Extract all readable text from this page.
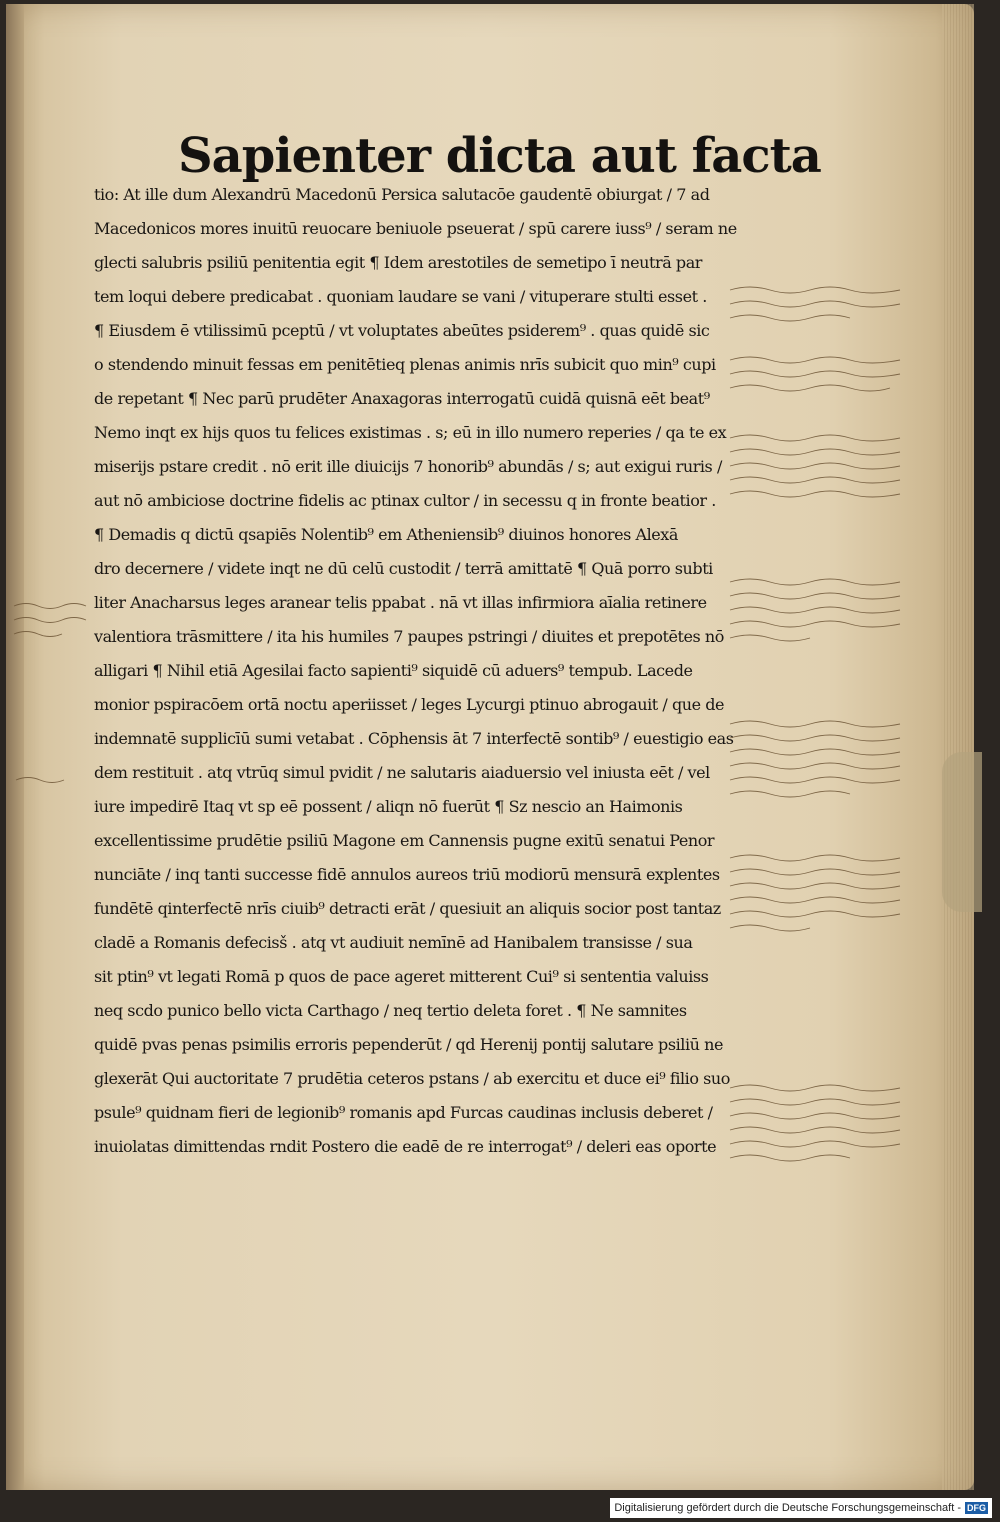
Sapienter dicta aut facta
tio: At ille dum Alexandrū Macedonū Persica salutacōe gaudentē obiurgat / 7 ad
Macedonicos mores inuitū reuocare beniuole pseuerat / spū carere iuss⁹ / seram ne
glecti salubris psiliū penitentia egit ¶ Idem arestotiles de semetipo ī neutrā par
tem loqui debere predicabat . quoniam laudare se vani / vituperare stulti esset .
¶ Eiusdem ē vtilissimū pceptū / vt voluptates abeūtes psiderem⁹ . quas quidē sic
o stendendo minuit fessas em penitētieq plenas animis nrīs subicit quo min⁹ cupi
de repetant ¶ Nec parū prudēter Anaxagoras interrogatū cuidā quisnā eēt beat⁹
Nemo inqt ex hijs quos tu felices existimas . s; eū in illo numero reperies / qa te ex
miserijs pstare credit . nō erit ille diuicijs 7 honorib⁹ abundās / s; aut exigui ruris /
aut nō ambiciose doctrine fidelis ac ptinax cultor / in secessu q in fronte beatior .
¶ Demadis q dictū qsapiēs Nolentib⁹ em Atheniensib⁹ diuinos honores Alexā
dro decernere / videte inqt ne dū celū custodit / terrā amittatē ¶ Quā porro subti
liter Anacharsus leges aranear telis ppabat . nā vt illas infirmiora aīalia retinere
valentiora trāsmittere / ita his humiles 7 paupes pstringi / diuites et prepotētes nō
alligari ¶ Nihil etiā Agesilai facto sapienti⁹ siquidē cū aduers⁹ tempub. Lacede
monior pspiracōem ortā noctu aperiisset / leges Lycurgi ptinuo abrogauit / que de
indemnatē supplicīū sumi vetabat . Cōphensis āt 7 interfectē sontib⁹ / euestigio eas
dem restituit . atq vtrūq simul pvidit / ne salutaris aiaduersio vel iniusta eēt / vel
iure impedirē Itaq vt sp eē possent / aliqn nō fuerūt ¶ Sz nescio an Haimonis
excellentissime prudētie psiliū Magone em Cannensis pugne exitū senatui Penor
nunciāte / inq tanti successe fidē annulos aureos triū modiorū mensurā explentes
fundētē qinterfectē nrīs ciuib⁹ detracti erāt / quesiuit an aliquis socior post tantaz
cladē a Romanis defecisš . atq vt audiuit nemīnē ad Hanibalem transisse / sua
sit ptin⁹ vt legati Romā p quos de pace ageret mitterent Cui⁹ si sententia valuiss
neq scdo punico bello victa Carthago / neq tertio deleta foret . ¶ Ne samnites
quidē pvas penas psimilis erroris pependerūt / qd Herenij pontij salutare psiliū ne
glexerāt Qui auctoritate 7 prudētia ceteros pstans / ab exercitu et duce ei⁹ filio suo
psule⁹ quidnam fieri de legionib⁹ romanis apd Furcas caudinas inclusis deberet /
inuiolatas dimittendas rndit Postero die eadē de re interrogat⁹ / deleri eas oporte
Digitalisierung gefördert durch die Deutsche Forschungsgemeinschaft - DFG
